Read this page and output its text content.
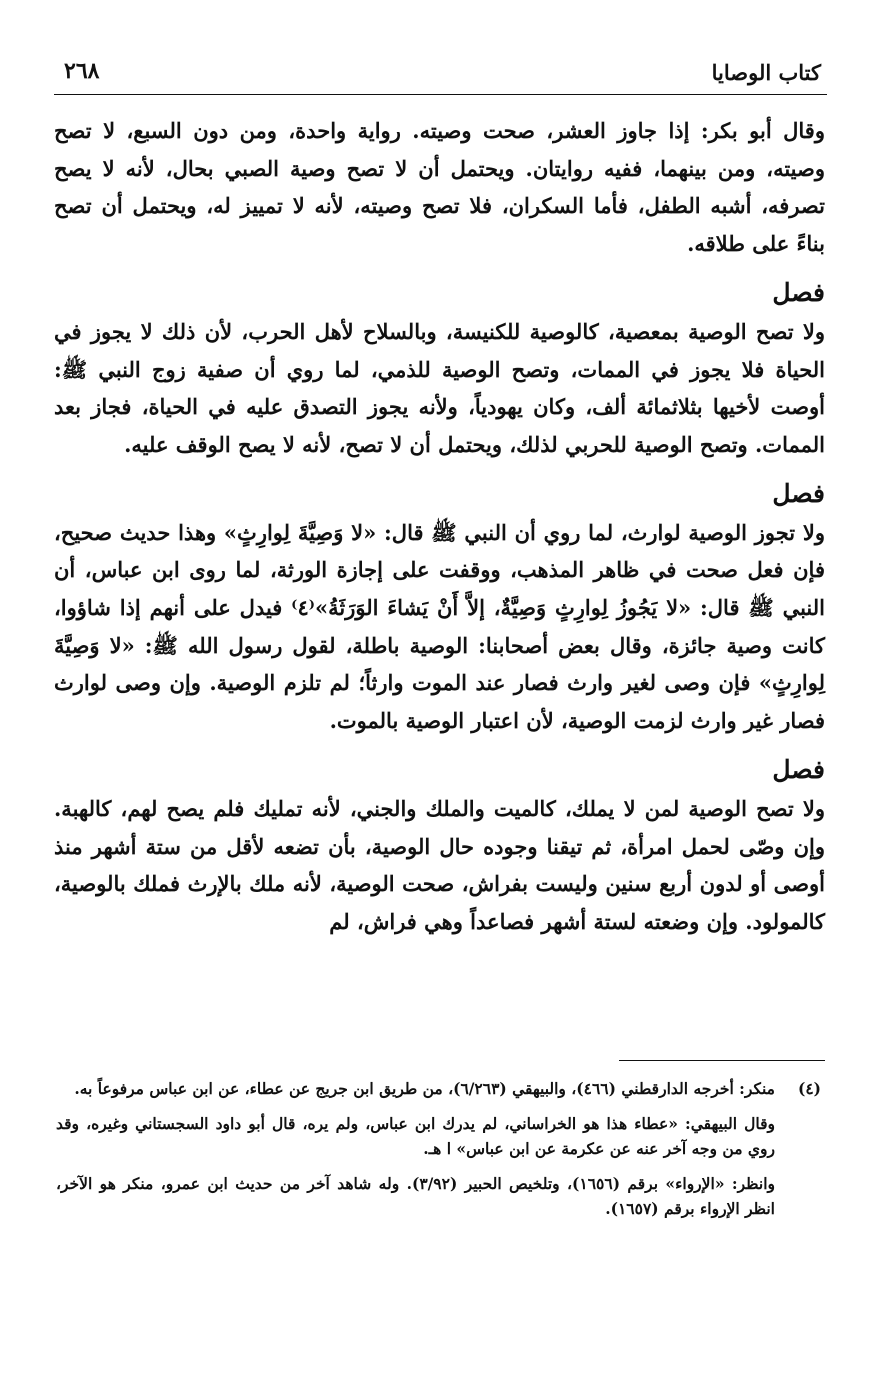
كتاب الوصايا
٢٦٨

وقال أبو بكر: إذا جاوز العشر، صحت وصيته. رواية واحدة، ومن دون السبع، لا تصح وصيته، ومن بينهما، ففيه روايتان. ويحتمل أن لا تصح وصية الصبي بحال، لأنه لا يصح تصرفه، أشبه الطفل، فأما السكران، فلا تصح وصيته، لأنه لا تمييز له، ويحتمل أن تصح بناءً على طلاقه.

فصل

ولا تصح الوصية بمعصية، كالوصية للكنيسة، وبالسلاح لأهل الحرب، لأن ذلك لا يجوز في الحياة فلا يجوز في الممات، وتصح الوصية للذمي، لما روي أن صفية زوج النبي ﷺ: أوصت لأخيها بثلاثمائة ألف، وكان يهودياً، ولأنه يجوز التصدق عليه في الحياة، فجاز بعد الممات. وتصح الوصية للحربي لذلك، ويحتمل أن لا تصح، لأنه لا يصح الوقف عليه.

فصل

ولا تجوز الوصية لوارث، لما روي أن النبي ﷺ قال: «لا وَصِيَّةَ لِوارِثٍ» وهذا حديث صحيح، فإن فعل صحت في ظاهر المذهب، ووقفت على إجازة الورثة، لما روى ابن عباس، أن النبي ﷺ قال: «لا يَجُوزُ لِوارِثٍ وَصِيَّةٌ، إلاَّ أَنْ يَشاءَ الوَرَثَةُ»⁽٤⁾ فيدل على أنهم إذا شاؤوا، كانت وصية جائزة، وقال بعض أصحابنا: الوصية باطلة، لقول رسول الله ﷺ: «لا وَصِيَّةَ لِوارِثٍ» فإن وصى لغير وارث فصار عند الموت وارثاً؛ لم تلزم الوصية. وإن وصى لوارث فصار غير وارث لزمت الوصية، لأن اعتبار الوصية بالموت.

فصل

ولا تصح الوصية لمن لا يملك، كالميت والملك والجني، لأنه تمليك فلم يصح لهم، كالهبة. وإن وصّى لحمل امرأة، ثم تيقنا وجوده حال الوصية، بأن تضعه لأقل من ستة أشهر منذ أوصى أو لدون أربع سنين وليست بفراش، صحت الوصية، لأنه ملك بالإرث فملك بالوصية، كالمولود. وإن وضعته لستة أشهر فصاعداً وهي فراش، لم

(٤)منكر: أخرجه الدارقطني (٤٦٦)، والبيهقي (٦/٢٦٣)، من طريق ابن جريج عن عطاء، عن ابن عباس مرفوعاً به.

وقال البيهقي: «عطاء هذا هو الخراساني، لم يدرك ابن عباس، ولم يره، قال أبو داود السجستاني وغيره، وقد روي من وجه آخر عنه عن عكرمة عن ابن عباس» ا هـ.

وانظر: «الإرواء» برقم (١٦٥٦)، وتلخيص الحبير (٣/٩٢). وله شاهد آخر من حديث ابن عمرو، منكر هو الآخر، انظر الإرواء برقم (١٦٥٧).
